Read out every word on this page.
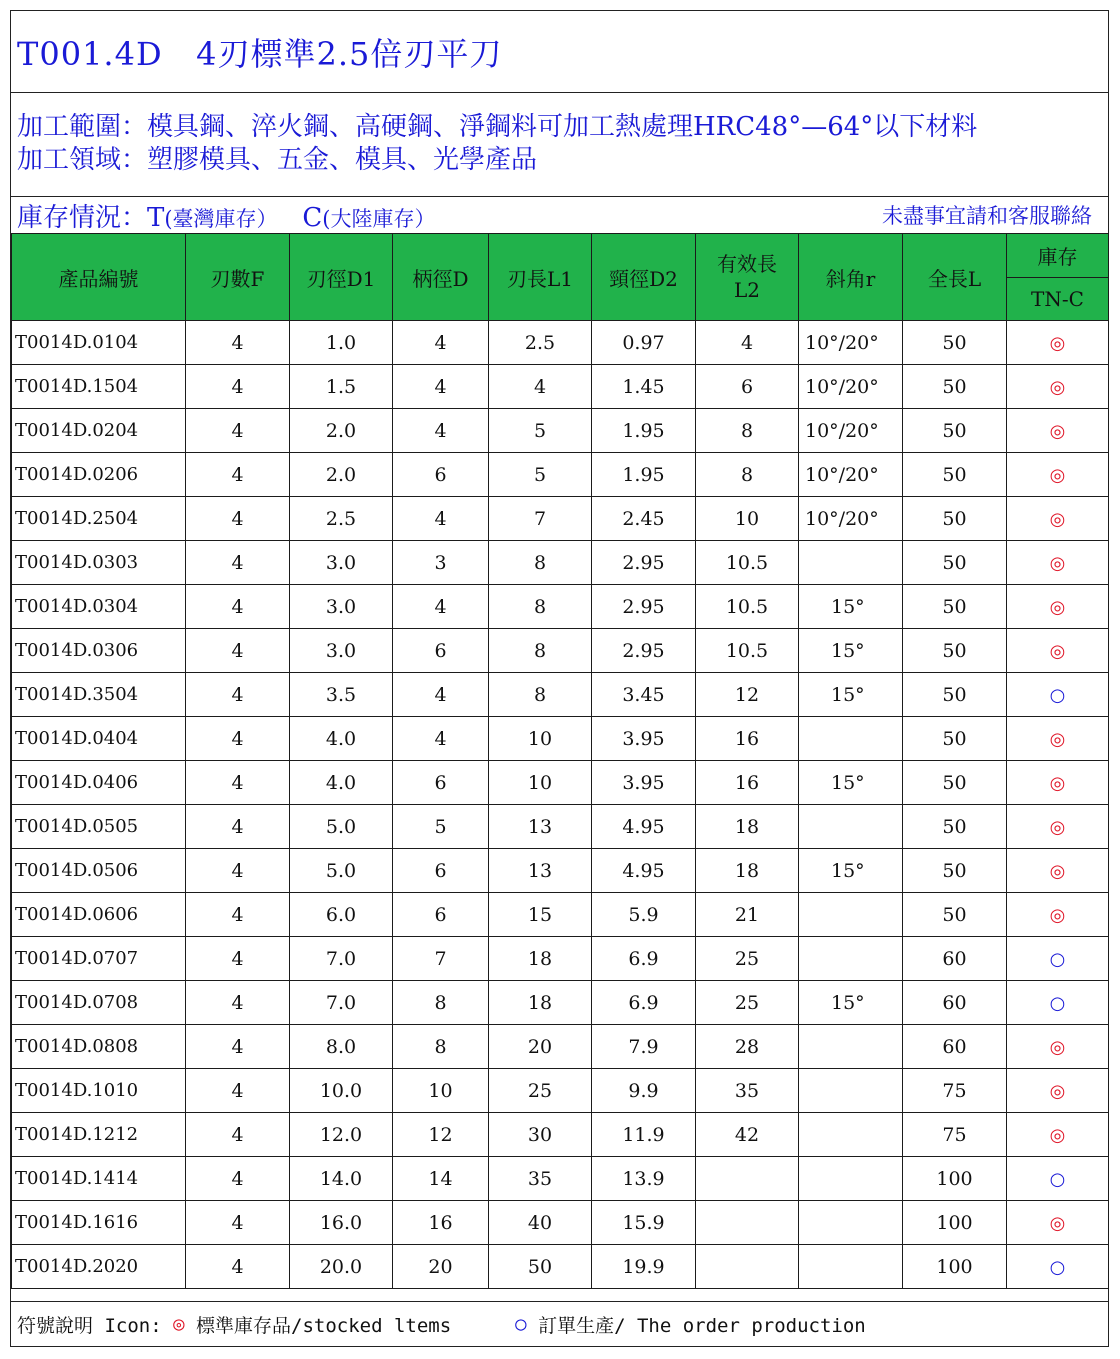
T001.4D   4刃標準2.5倍刃平刀
加工範圍：模具鋼、淬火鋼、高硬鋼、淨鋼料可加工熱處理HRC48°—64°以下材料
加工領域：塑膠模具、五金、模具、光學產品
庫存情況：T(臺灣庫存） C(大陸庫存）	未盡事宜請和客服聯絡
產品編號	刃數F	刃徑D1	柄徑D	刃長L1	頸徑D2	有效長
L2	斜角r	全長L	庫存
									TN-C
T0014D.0104	4	1.0	4	2.5	0.97	4	10°/20°	50	◎
T0014D.1504	4	1.5	4	4	1.45	6	10°/20°	50	◎
T0014D.0204	4	2.0	4	5	1.95	8	10°/20°	50	◎
T0014D.0206	4	2.0	6	5	1.95	8	10°/20°	50	◎
T0014D.2504	4	2.5	4	7	2.45	10	10°/20°	50	◎
T0014D.0303	4	3.0	3	8	2.95	10.5		50	◎
T0014D.0304	4	3.0	4	8	2.95	10.5	15°	50	◎
T0014D.0306	4	3.0	6	8	2.95	10.5	15°	50	◎
T0014D.3504	4	3.5	4	8	3.45	12	15°	50	○
T0014D.0404	4	4.0	4	10	3.95	16		50	◎
T0014D.0406	4	4.0	6	10	3.95	16	15°	50	◎
T0014D.0505	4	5.0	5	13	4.95	18		50	◎
T0014D.0506	4	5.0	6	13	4.95	18	15°	50	◎
T0014D.0606	4	6.0	6	15	5.9	21		50	◎
T0014D.0707	4	7.0	7	18	6.9	25		60	○
T0014D.0708	4	7.0	8	18	6.9	25	15°	60	○
T0014D.0808	4	8.0	8	20	7.9	28		60	◎
T0014D.1010	4	10.0	10	25	9.9	35		75	◎
T0014D.1212	4	12.0	12	30	11.9	42		75	◎
T0014D.1414	4	14.0	14	35	13.9			100	○
T0014D.1616	4	16.0	16	40	15.9			100	◎
T0014D.2020	4	20.0	20	50	19.9			100	○
符號說明 Icon:
◎
標準庫存品/stocked ltems	○
訂單生產/ The order production
